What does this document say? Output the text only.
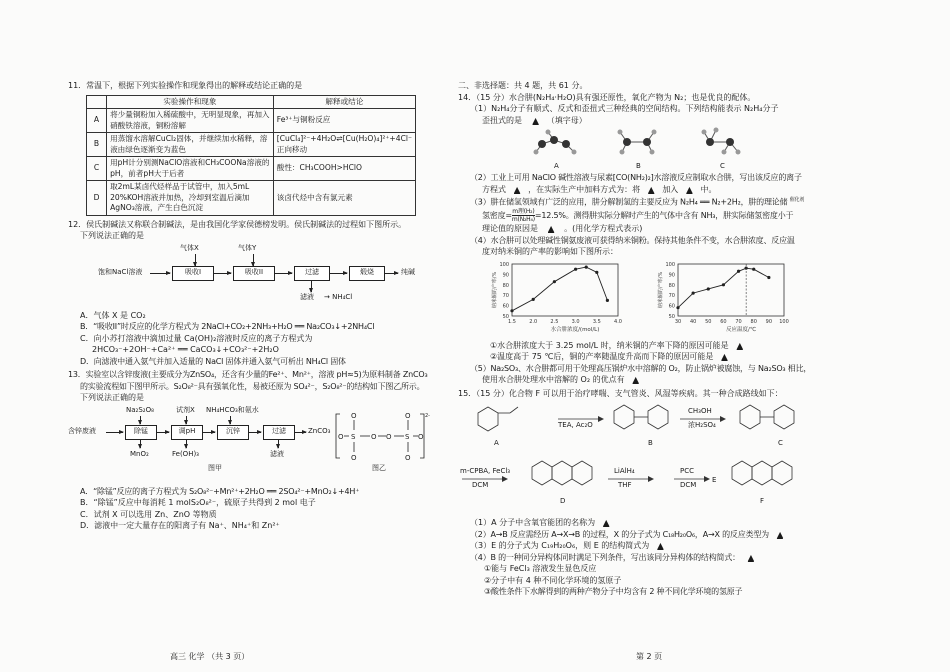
11．常温下，根据下列实验操作和现象得出的解释或结论正确的是

	实验操作和现象	解释或结论
A	将少量铜粉加入稀硫酸中，无明显现象，再加入硝酸铁溶液，铜粉溶解	Fe³⁺与铜粉反应
B	用蒸馏水溶解CuCl₂固体，并继续加水稀释，溶液由绿色逐渐变为蓝色	[CuCl₄]²⁻+4H₂O⇌[Cu(H₂O)₄]²⁺+4Cl⁻ 正向移动
C	用pH计分别测NaClO溶液和CH₃COONa溶液的pH，前者pH大于后者	酸性：CH₃COOH>HClO
D	取2mL某卤代烃样品于试管中，加入5mL 20%KOH溶液并加热，冷却到室温后滴加AgNO₃溶液，产生白色沉淀	该卤代烃中含有氯元素

12．侯氏制碱法又称联合制碱法，是由我国化学家侯德榜发明。侯氏制碱法的过程如下图所示。

下列说法正确的是

气体X	气体Y
饱和NaCl溶液	吸收I	吸收II	过滤	煅烧	纯碱
滤液 → NH₄Cl

A．气体 X 是 CO₂

B．“吸收II”时反应的化学方程式为 2NaCl+CO₂+2NH₃+H₂O ══ Na₂CO₃↓+2NH₄Cl

C．向小苏打溶液中滴加过量 Ca(OH)₂溶液时反应的离子方程式为

2HCO₃⁻+2OH⁻+Ca²⁺ ══ CaCO₃↓+CO₃²⁻+2H₂O

D．向滤液中通入氨气并加入适量的 NaCl 固体并通入氨气可析出 NH₄Cl 固体

13．实验室以含锌废液(主要成分为ZnSO₄，还含有少量的Fe²⁺、Mn²⁺，溶液 pH≈5)为原料制备 ZnCO₃

的实验流程如下图甲所示。S₂O₈²⁻具有强氧化性，易被还原为 SO₄²⁻，S₂O₈²⁻的结构如下图乙所示。

下列说法正确的是

Na₂S₂O₈	试剂X NH₄HCO₃和氨水
含锌废液	除锰	调pH	沉锌	过滤	ZnCO₃
MnO₂	Fe(OH)₃	滤液
图甲
O
S
O
O O
O
S
O
O	O
2-
图乙

A．“除锰”反应的离子方程式为 S₂O₈²⁻+Mn²⁺+2H₂O ══ 2SO₄²⁻+MnO₂↓+4H⁺

B．“除锰”反应中每消耗 1 molS₂O₈²⁻，硫原子共得到 2 mol 电子

C．试剂 X 可以选用 Zn、ZnO 等物质

D．滤液中一定大量存在的阳离子有 Na⁺、NH₄⁺和 Zn²⁺

高三 化学 （共 3 页）

二、非选择题：共 4 题，共 61 分。

14．（15 分）水合肼(N₂H₄·H₂O)具有强还原性，氧化产物为 N₂；也是优良的配体。

（1）N₂H₄分子有顺式、反式和歪扭式三种经典的空间结构。下列结构能表示 N₂H₄分子

歪扭式的是 ▲ （填字母）

A	B	C

（2）工业上可用 NaClO 碱性溶液与尿素[CO(NH₂)₂]水溶液反应制取水合肼，写出该反应的离子

方程式 ▲ ，在实际生产中加料方式为：将 ▲ 加入 ▲ 中。

（3）肼在储氢领域有广泛的应用，肼分解制氢的主要反应为 N₂H₄ ══ N₂+2H₂，肼的理论储 $^{催化剂}$

氢密度= m理(H₂)
m(N₂H₄) =12.5%。测得肼实际分解时产生的气体中含有 NH₃，肼实际储氢密度小于

理论值的原因是 ▲ 。(用化学方程式表示)

（4）水合肼可以处理碱性铜氨废液可获得纳米铜粉。保持其他条件不变，水合肼浓度、反应温

度对纳米铜的产率的影响如下图所示：

50
60
70
80
90
100
1.5	2.0	2.5	3.0	3.5	4.0
水合肼浓度/(mol/L)
纳米铜的产率/%
50
60
70
80
90
100
30 40 50 60 70 80 90 100
反应温度/℃
纳米铜的产率/%

①水合肼浓度大于 3.25 mol/L 时，纳米铜的产率下降的原因可能是 ▲

②温度高于 75 ℃后，铜的产率随温度升高而下降的原因可能是 ▲

（5）Na₂SO₃、水合肼都可用于处理高压锅炉水中溶解的 O₂，防止锅炉被腐蚀，与 Na₂SO₃ 相比，

使用水合肼处理水中溶解的 O₂ 的优点有 ▲

15．（15 分）化合物 F 可以用于治疗哮喘、支气管炎、风湿等疾病。其一种合成路线如下：

TEA, Ac₂O
CH₃OH
浓H₂SO₄
m-CPBA, FeCl₃
DCM
LiAlH₄
THF
PCC
DCM
A	B	C
D
E
F

（1）A 分子中含氧官能团的名称为 ▲

（2）A→B 反应需经历 A→X→B 的过程，X 的分子式为 C₁₈H₂₀O₆，A→X 的反应类型为 ▲

（3）E 的分子式为 C₁₉H₂₀O₆，则 E 的结构简式为 ▲

（4）B 的一种同分异构体同时满足下列条件，写出该同分异构体的结构简式： ▲

①能与 FeCl₃ 溶液发生显色反应

②分子中有 4 种不同化学环境的氢原子

③酸性条件下水解得到的两种产物分子中均含有 2 种不同化学环境的氢原子

第 2 页
